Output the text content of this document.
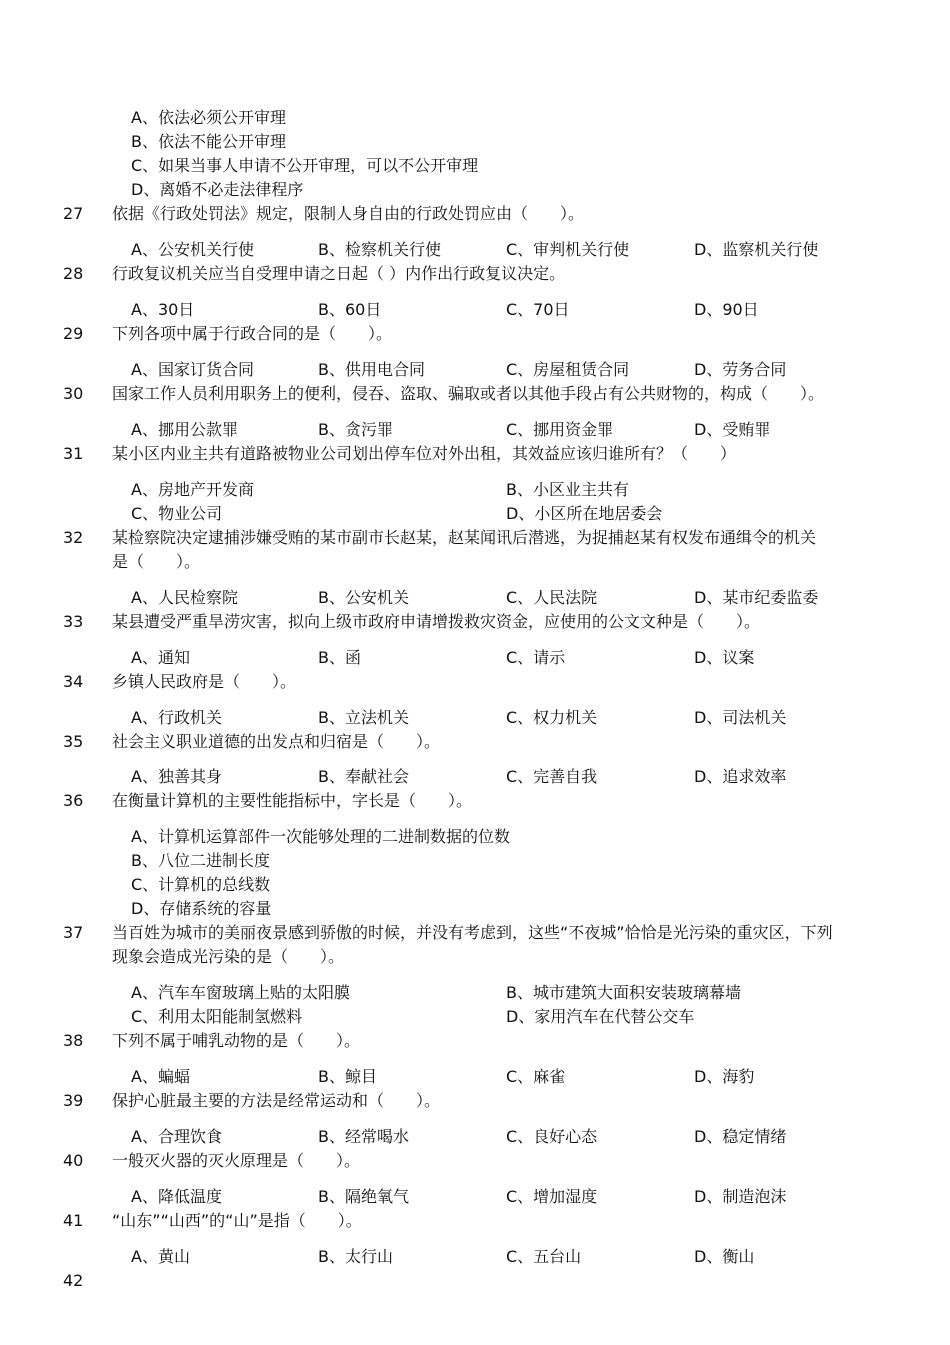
A、依法必须公开审理
B、依法不能公开审理
C、如果当事人申请不公开审理，可以不公开审理
D、离婚不必走法律程序
27 依据《行政处罚法》规定，限制人身自由的行政处罚应由（　　）。
A、公安机关行使	B、检察机关行使	C、审判机关行使	D、监察机关行使
28 行政复议机关应当自受理申请之日起（ ）内作出行政复议决定。
A、30日	B、60日	C、70日	D、90日
29 下列各项中属于行政合同的是（　　）。
A、国家订货合同	B、供用电合同	C、房屋租赁合同	D、劳务合同
30 国家工作人员利用职务上的便利，侵吞、盗取、骗取或者以其他手段占有公共财物的，构成（　　）。
A、挪用公款罪	B、贪污罪	C、挪用资金罪	D、受贿罪
31 某小区内业主共有道路被物业公司划出停车位对外出租，其效益应该归谁所有？（　　）
A、房地产开发商	B、小区业主共有
C、物业公司	D、小区所在地居委会
32 某检察院决定逮捕涉嫌受贿的某市副市长赵某，赵某闻讯后潜逃，为捉捕赵某有权发布通缉令的机关
是（　　）。
A、人民检察院	B、公安机关	C、人民法院	D、某市纪委监委
33 某县遭受严重旱涝灾害，拟向上级市政府申请增拨救灾资金，应使用的公文文种是（　　）。
A、通知	B、函	C、请示	D、议案
34 乡镇人民政府是（　　）。
A、行政机关	B、立法机关	C、权力机关	D、司法机关
35 社会主义职业道德的出发点和归宿是（　　）。
A、独善其身	B、奉献社会	C、完善自我	D、追求效率
36 在衡量计算机的主要性能指标中，字长是（　　）。
A、计算机运算部件一次能够处理的二进制数据的位数
B、八位二进制长度
C、计算机的总线数
D、存储系统的容量
37 当百姓为城市的美丽夜景感到骄傲的时候，并没有考虑到，这些“不夜城”恰恰是光污染的重灾区，下列
现象会造成光污染的是（　　）。
A、汽车车窗玻璃上贴的太阳膜	B、城市建筑大面积安装玻璃幕墙
C、利用太阳能制氢燃料	D、家用汽车在代替公交车
38 下列不属于哺乳动物的是（　　）。
A、蝙蝠	B、鲸目	C、麻雀	D、海豹
39 保护心脏最主要的方法是经常运动和（　　）。
A、合理饮食	B、经常喝水	C、良好心态	D、稳定情绪
40 一般灭火器的灭火原理是（　　）。
A、降低温度	B、隔绝氧气	C、增加湿度	D、制造泡沫
41 “山东”“山西”的“山”是指（　　）。
A、黄山	B、太行山	C、五台山	D、衡山
42
